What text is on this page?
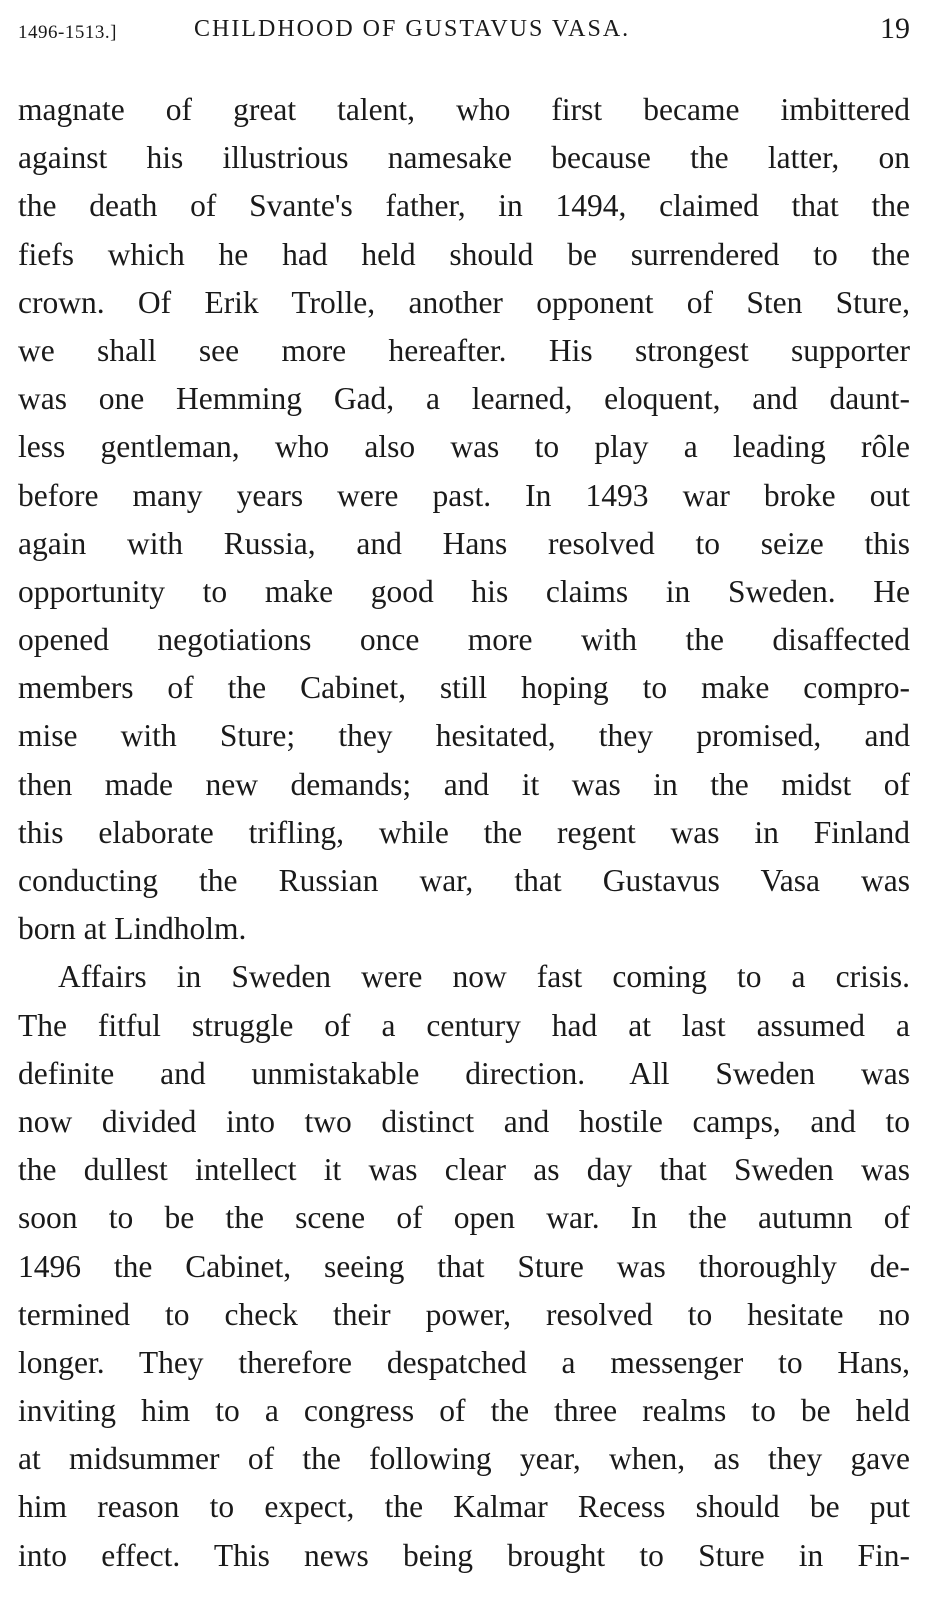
1496-1513.]	CHILDHOOD OF GUSTAVUS VASA.	19
magnate of great talent, who first became imbittered
against his illustrious namesake because the latter, on
the death of Svante's father, in 1494, claimed that the
fiefs which he had held should be surrendered to the
crown. Of Erik Trolle, another opponent of Sten Sture,
we shall see more hereafter. His strongest supporter
was one Hemming Gad, a learned, eloquent, and daunt-
less gentleman, who also was to play a leading rôle
before many years were past. In 1493 war broke out
again with Russia, and Hans resolved to seize this
opportunity to make good his claims in Sweden. He
opened negotiations once more with the disaffected
members of the Cabinet, still hoping to make compro-
mise with Sture; they hesitated, they promised, and
then made new demands; and it was in the midst of
this elaborate trifling, while the regent was in Finland
conducting the Russian war, that Gustavus Vasa was
born at Lindholm.
Affairs in Sweden were now fast coming to a crisis.
The fitful struggle of a century had at last assumed a
definite and unmistakable direction. All Sweden was
now divided into two distinct and hostile camps, and to
the dullest intellect it was clear as day that Sweden was
soon to be the scene of open war. In the autumn of
1496 the Cabinet, seeing that Sture was thoroughly de-
termined to check their power, resolved to hesitate no
longer. They therefore despatched a messenger to Hans,
inviting him to a congress of the three realms to be held
at midsummer of the following year, when, as they gave
him reason to expect, the Kalmar Recess should be put
into effect. This news being brought to Sture in Fin-
